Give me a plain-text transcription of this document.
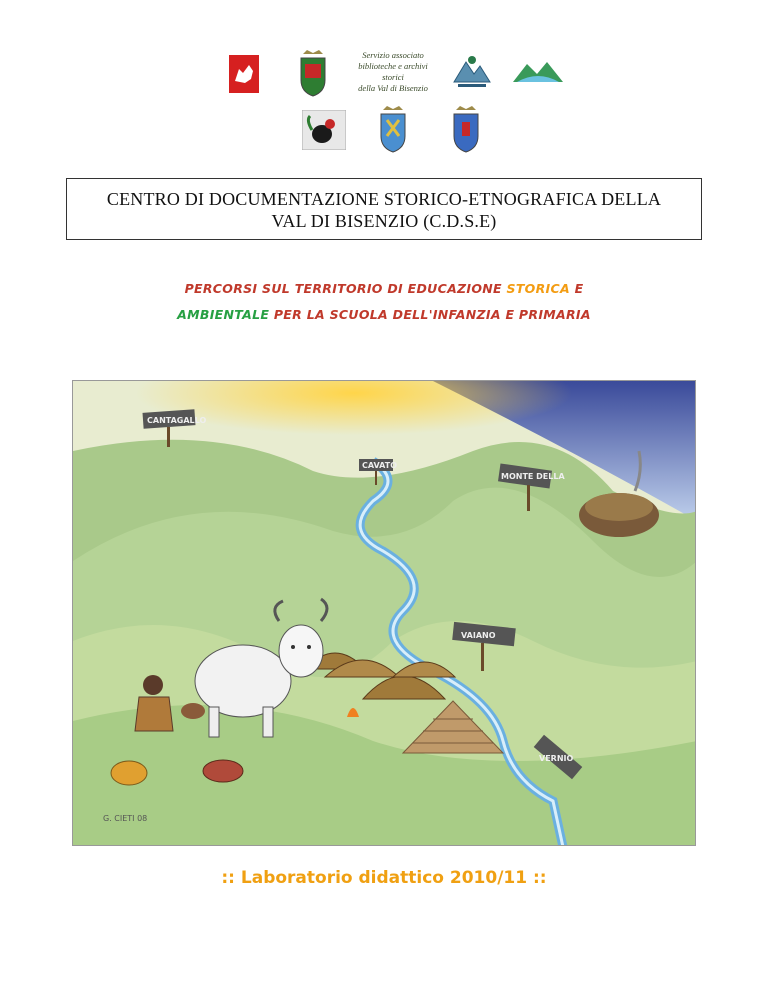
Servizio associato
biblioteche e archivi storici
della Val di Bisenzio
CENTRO DI DOCUMENTAZIONE STORICO-ETNOGRAFICA DELLA
VAL DI BISENZIO (C.D.S.E)
PERCORSI SUL TERRITORIO DI EDUCAZIONE STORICA E
AMBIENTALE PER LA SCUOLA DELL'INFANZIA E PRIMARIA
CANTAGALLO
CAVATO
MONTE DELLA
VAIANO
VERNIO
G. CIETI 08
:: Laboratorio didattico 2010/11 ::
